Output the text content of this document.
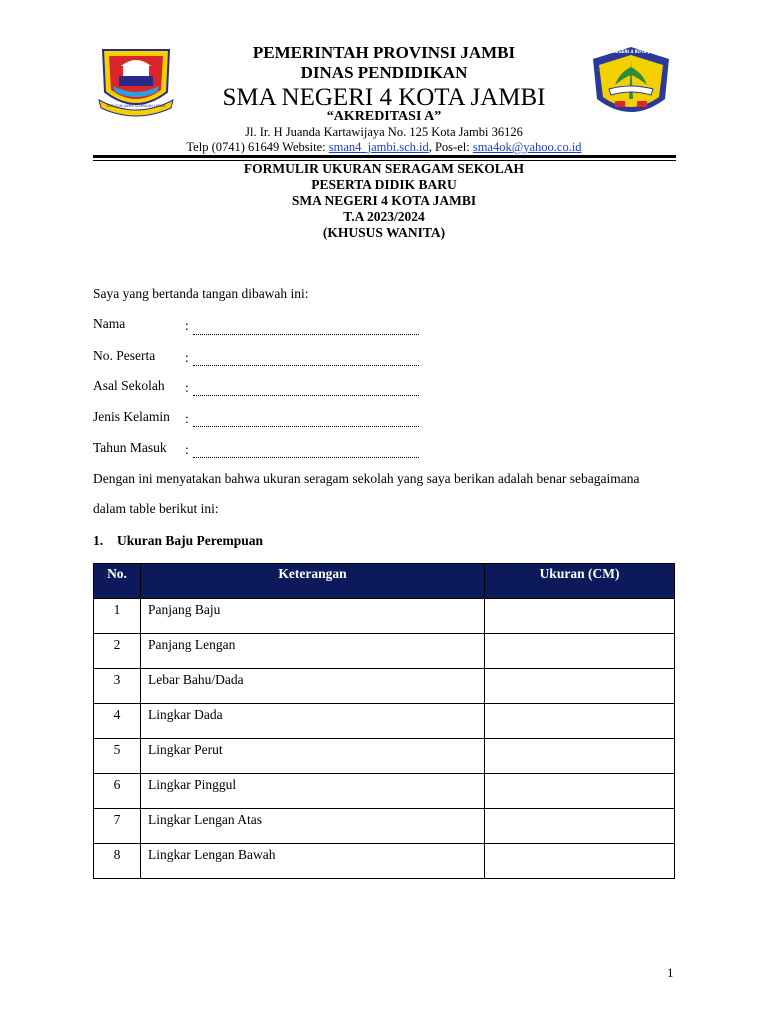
SEPUCUK JAMBI SEMBILAN LURAH
SMA NEGERI 4 KOTA JAMBI
PEMERINTAH PROVINSI JAMBI
DINAS PENDIDIKAN
SMA NEGERI 4 KOTA JAMBI
“AKREDITASI A”
Jl. Ir. H Juanda Kartawijaya No. 125 Kota Jambi 36126
Telp (0741) 61649 Website: sman4_jambi.sch.id, Pos-el: sma4ok@yahoo.co.id
FORMULIR UKURAN SERAGAM SEKOLAH
PESERTA DIDIK BARU
SMA NEGERI 4 KOTA JAMBI
T.A 2023/2024
(KHUSUS WANITA)
Saya yang bertanda tangan dibawah ini:
Nama	:
No. Peserta :
Asal Sekolah :
Jenis Kelamin :
Tahun Masuk :
Dengan ini menyatakan bahwa ukuran seragam sekolah yang saya berikan adalah benar sebagaimana
dalam table berikut ini:
1. Ukuran Baju Perempuan
No.	Keterangan	Ukuran (CM)
1	Panjang Baju	
2	Panjang Lengan	
3	Lebar Bahu/Dada	
4	Lingkar Dada	
5	Lingkar Perut	
6	Lingkar Pinggul	
7	Lingkar Lengan Atas	
8	Lingkar Lengan Bawah	
1
